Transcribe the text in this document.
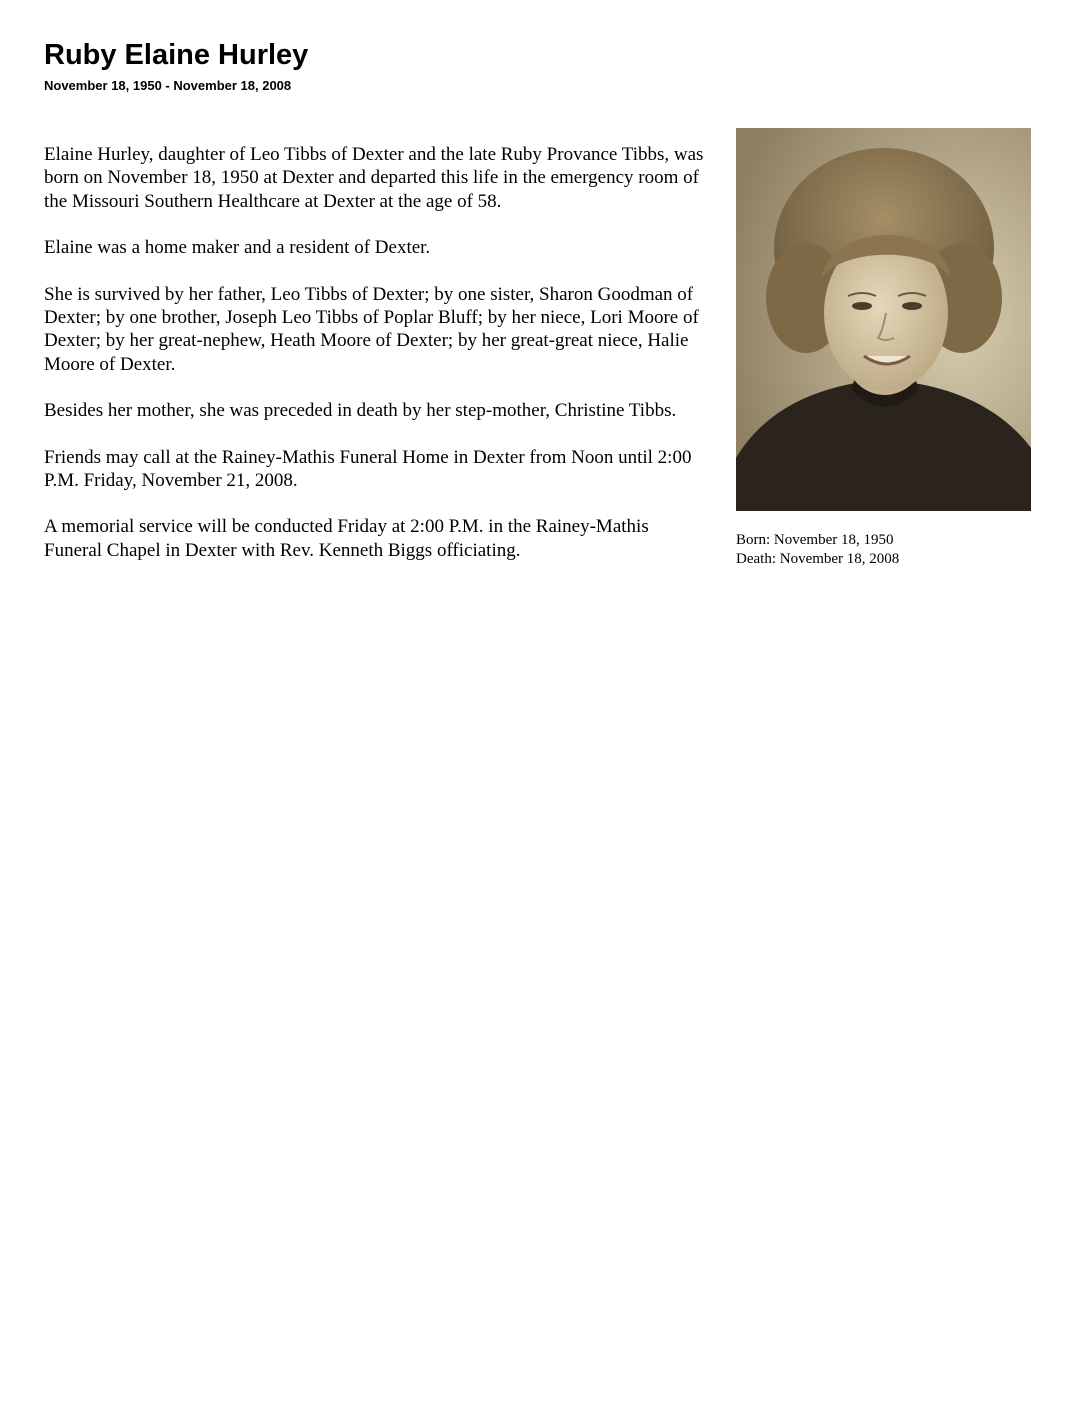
Ruby Elaine Hurley
November 18, 1950 - November 18, 2008

Elaine Hurley, daughter of Leo Tibbs of Dexter and the late Ruby Provance Tibbs, was born on November 18, 1950 at Dexter and departed this life in the emergency room of the Missouri Southern Healthcare at Dexter at the age of 58.

Elaine was a home maker and a resident of Dexter.

She is survived by her father, Leo Tibbs of Dexter; by one sister, Sharon Goodman of Dexter; by one brother, Joseph Leo Tibbs of Poplar Bluff; by her niece, Lori Moore of Dexter; by her great-nephew, Heath Moore of Dexter; by her great-great niece, Halie Moore of Dexter.

Besides her mother, she was preceded in death by her step-mother, Christine Tibbs.

Friends may call at the Rainey-Mathis Funeral Home in Dexter from Noon until 2:00 P.M. Friday, November 21, 2008.

A memorial service will be conducted Friday at 2:00 P.M. in the Rainey-Mathis Funeral Chapel in Dexter with Rev. Kenneth Biggs officiating.	Born: November 18, 1950
Death: November 18, 2008
